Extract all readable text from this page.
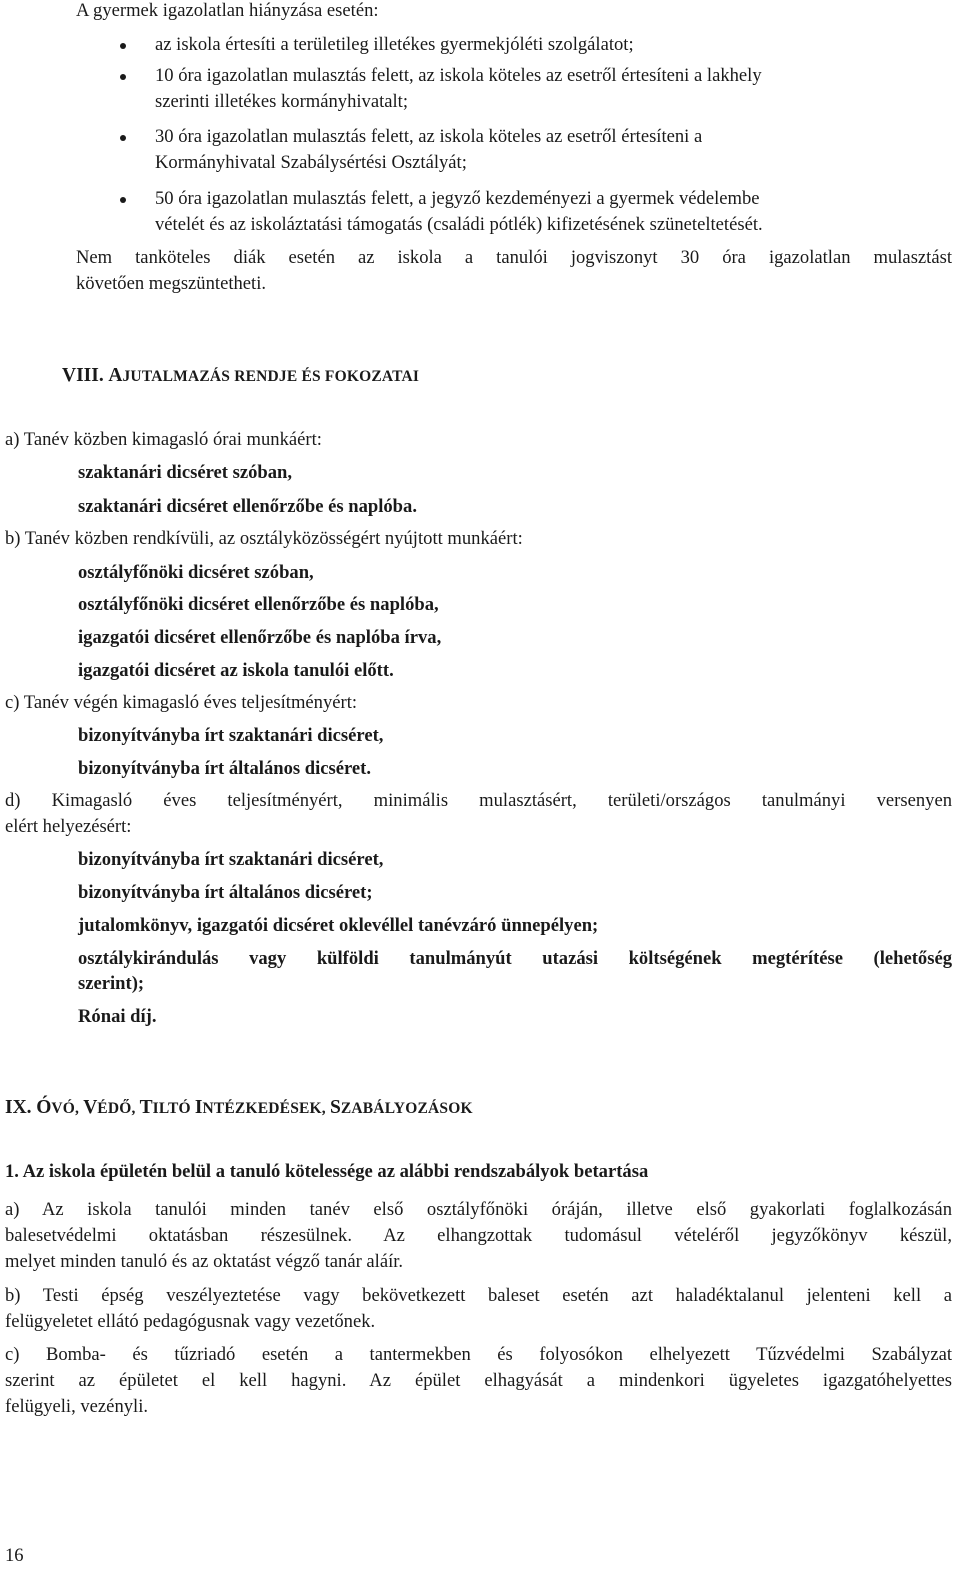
A gyermek igazolatlan hiányzása esetén:
az iskola értesíti a területileg illetékes gyermekjóléti szolgálatot;
10 óra igazolatlan mulasztás felett, az iskola köteles az esetről értesíteni a lakhely
szerinti illetékes kormányhivatalt;
30 óra igazolatlan mulasztás felett, az iskola köteles az esetről értesíteni a
Kormányhivatal Szabálysértési Osztályát;
50 óra igazolatlan mulasztás felett, a jegyző kezdeményezi a gyermek védelembe
vételét és az iskoláztatási támogatás (családi pótlék) kifizetésének szüneteltetését.
Nem tanköteles diák esetén az iskola a tanulói jogviszonyt 30 óra igazolatlan mulasztást
követően megszüntetheti.
VIII. AJUTALMAZÁS RENDJE ÉS FOKOZATAI
a) Tanév közben kimagasló órai munkáért:
szaktanári dicséret szóban,
szaktanári dicséret ellenőrzőbe és naplóba.
b) Tanév közben rendkívüli, az osztályközösségért nyújtott munkáért:
osztályfőnöki dicséret szóban,
osztályfőnöki dicséret ellenőrzőbe és naplóba,
igazgatói dicséret ellenőrzőbe és naplóba írva,
igazgatói dicséret az iskola tanulói előtt.
c) Tanév végén kimagasló éves teljesítményért:
bizonyítványba írt szaktanári dicséret,
bizonyítványba írt általános dicséret.
d) Kimagasló éves teljesítményért, minimális mulasztásért, területi/országos tanulmányi versenyen
elért helyezésért:
bizonyítványba írt szaktanári dicséret,
bizonyítványba írt általános dicséret;
jutalomkönyv, igazgatói dicséret oklevéllel tanévzáró ünnepélyen;
osztálykirándulás vagy külföldi tanulmányút utazási költségének megtérítése (lehetőség
szerint);
Rónai díj.
IX. ÓVÓ, VÉDŐ, TILTÓ INTÉZKEDÉSEK, SZABÁLYOZÁSOK
1. Az iskola épületén belül a tanuló kötelessége az alábbi rendszabályok betartása
a) Az iskola tanulói minden tanév első osztályfőnöki óráján, illetve első gyakorlati foglalkozásán
balesetvédelmi oktatásban részesülnek. Az elhangzottak tudomásul vételéről jegyzőkönyv készül,
melyet minden tanuló és az oktatást végző tanár aláír.
b) Testi épség veszélyeztetése vagy bekövetkezett baleset esetén azt haladéktalanul jelenteni kell a
felügyeletet ellátó pedagógusnak vagy vezetőnek.
c) Bomba- és tűzriadó esetén a tantermekben és folyosókon elhelyezett Tűzvédelmi Szabályzat
szerint az épületet el kell hagyni. Az épület elhagyását a mindenkori ügyeletes igazgatóhelyettes
felügyeli, vezényli.
16
